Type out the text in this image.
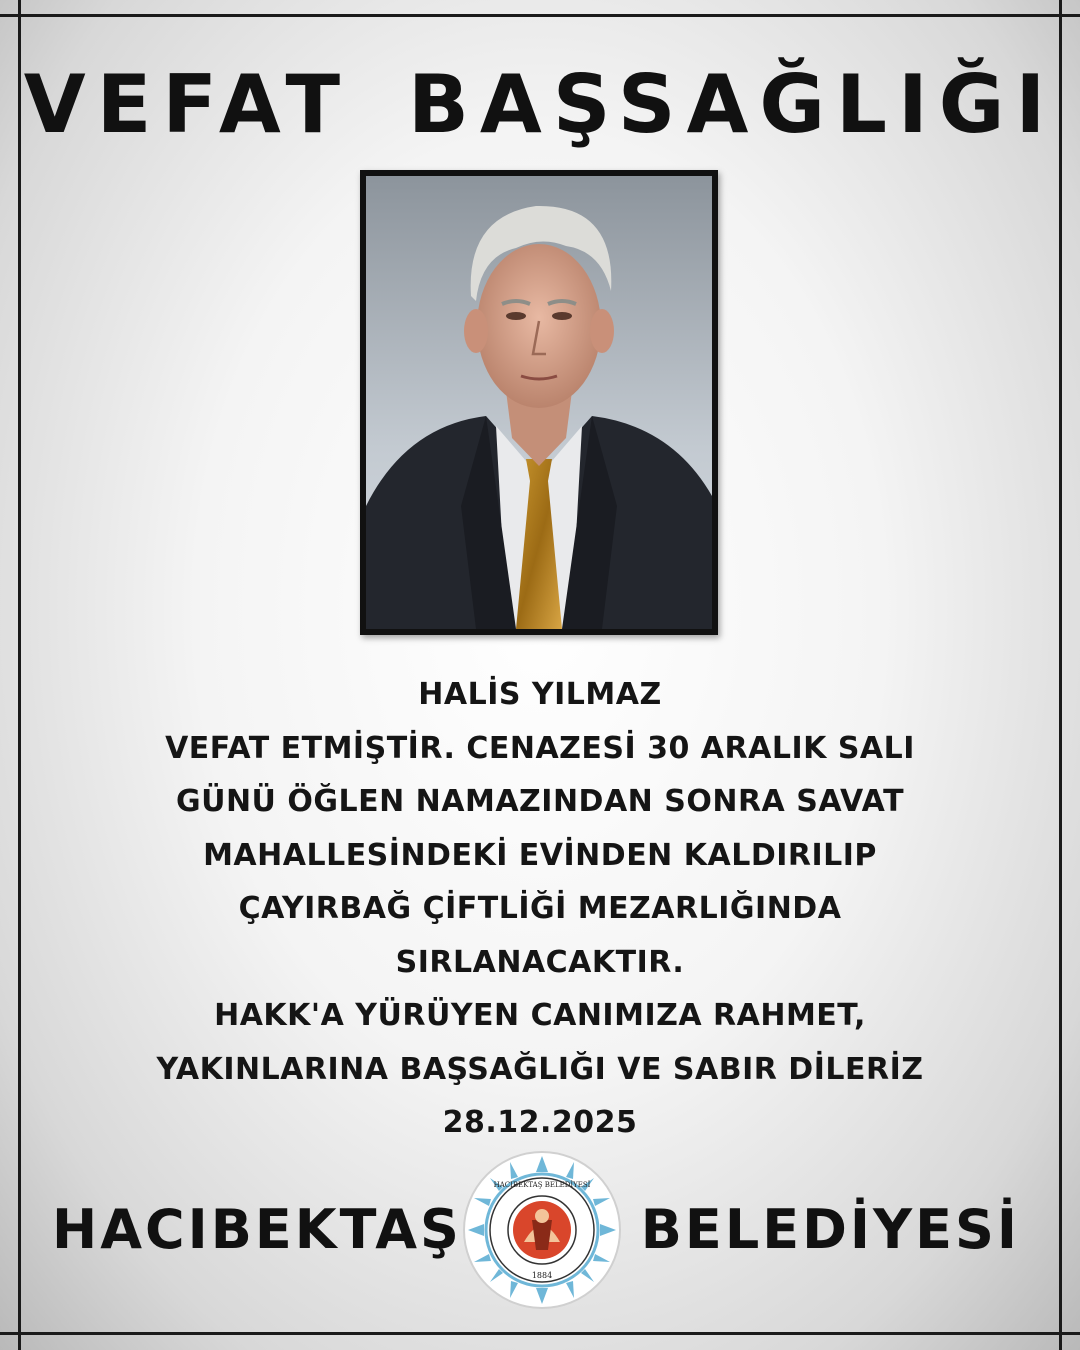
VEFAT BAŞSAĞLIĞI
HALİS YILMAZ
VEFAT ETMİŞTİR. CENAZESİ 30 ARALIK SALI
GÜNÜ ÖĞLEN NAMAZINDAN SONRA SAVAT
MAHALLESİNDEKİ EVİNDEN KALDIRILIP
ÇAYIRBAĞ ÇİFTLİĞİ MEZARLIĞINDA
SIRLANACAKTIR.
HAKK'A YÜRÜYEN CANIMIZA RAHMET,
YAKINLARINA BAŞSAĞLIĞI VE SABIR DİLERİZ
28.12.2025
HACIBEKTAŞ	BELEDİYESİ
HACIBEKTAŞ BELEDİYESİ
1884
